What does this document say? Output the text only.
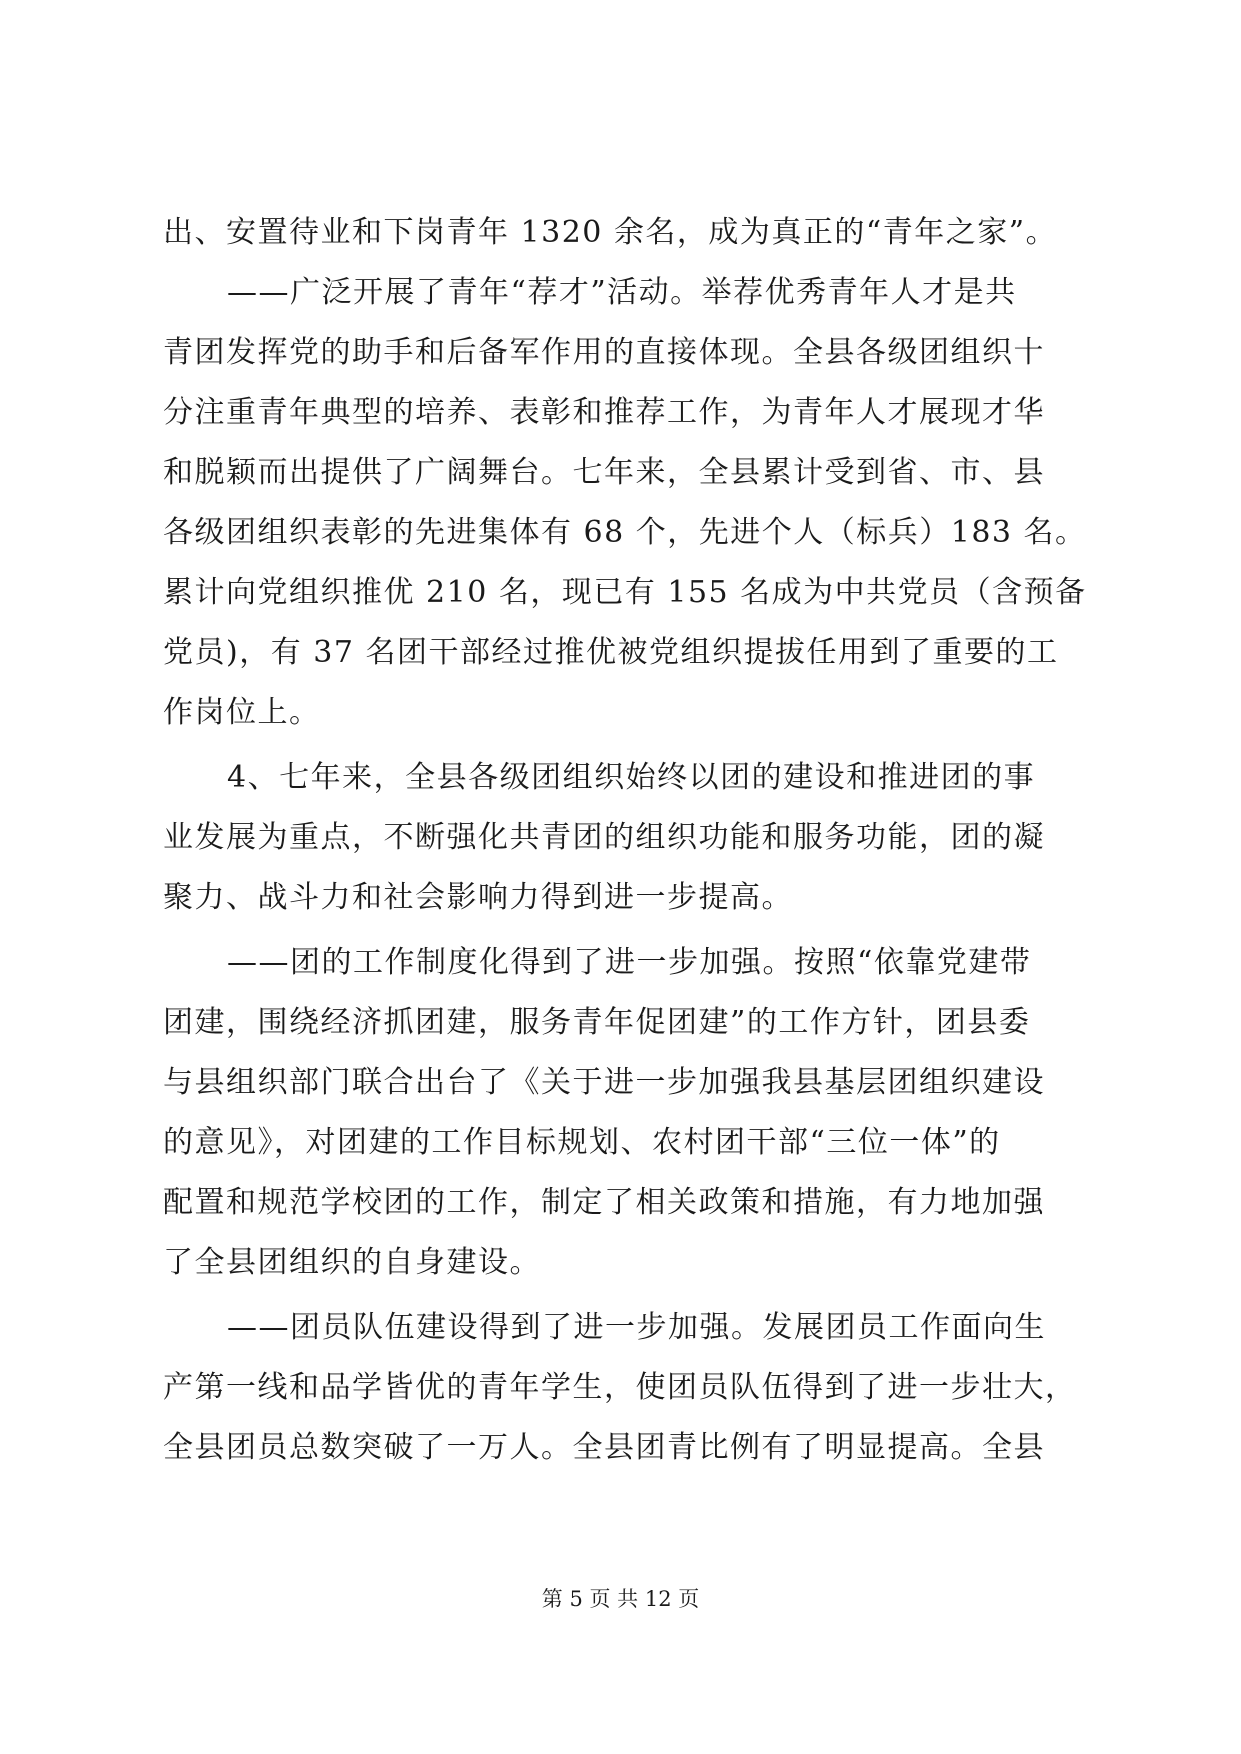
出、安置待业和下岗青年 1320 余名，成为真正的“青年之家”。
——广泛开展了青年“荐才”活动。举荐优秀青年人才是共
青团发挥党的助手和后备军作用的直接体现。全县各级团组织十
分注重青年典型的培养、表彰和推荐工作，为青年人才展现才华
和脱颖而出提供了广阔舞台。七年来，全县累计受到省、市、县
各级团组织表彰的先进集体有 68 个，先进个人（标兵）183 名。
累计向党组织推优 210 名，现已有 155 名成为中共党员（含预备
党员)，有 37 名团干部经过推优被党组织提拔任用到了重要的工
作岗位上。
4、七年来，全县各级团组织始终以团的建设和推进团的事
业发展为重点，不断强化共青团的组织功能和服务功能，团的凝
聚力、战斗力和社会影响力得到进一步提高。
——团的工作制度化得到了进一步加强。按照“依靠党建带
团建，围绕经济抓团建，服务青年促团建”的工作方针，团县委
与县组织部门联合出台了《关于进一步加强我县基层团组织建设
的意见》，对团建的工作目标规划、农村团干部“三位一体”的
配置和规范学校团的工作，制定了相关政策和措施，有力地加强
了全县团组织的自身建设。
——团员队伍建设得到了进一步加强。发展团员工作面向生
产第一线和品学皆优的青年学生，使团员队伍得到了进一步壮大，
全县团员总数突破了一万人。全县团青比例有了明显提高。全县
第 5 页 共 12 页
